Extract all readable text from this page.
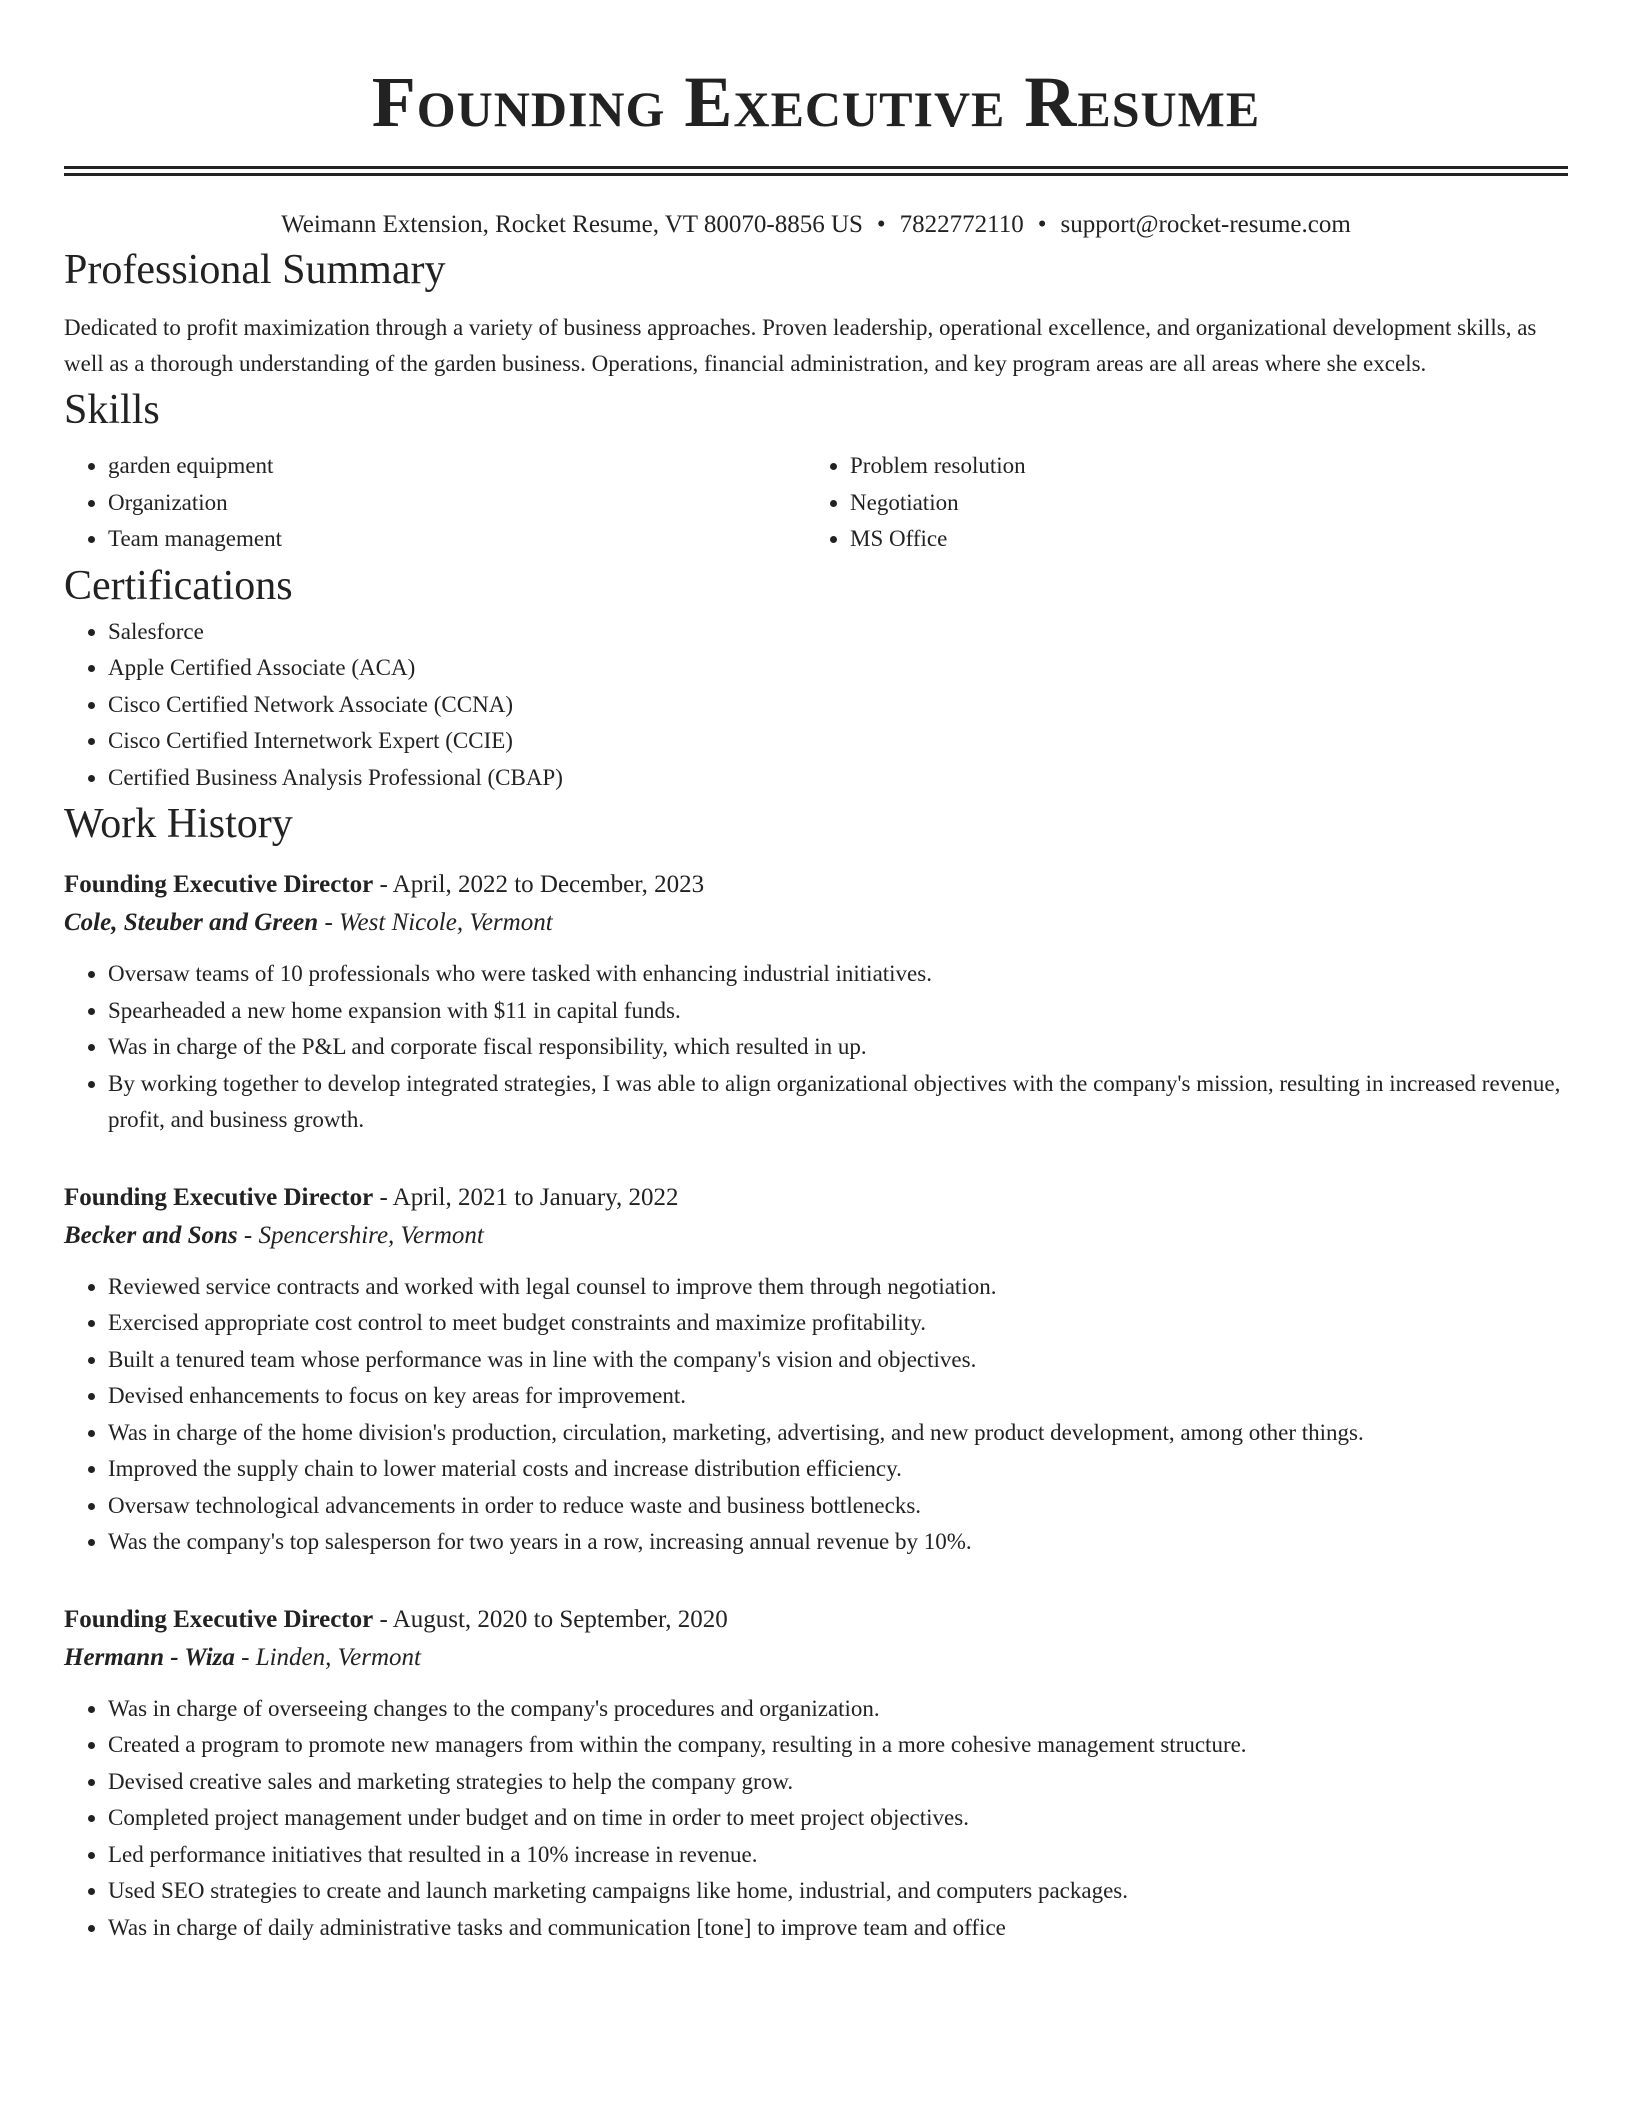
Founding Executive Resume
Weimann Extension, Rocket Resume, VT 80070-8856 US • 7822772110 • support@rocket-resume.com
Professional Summary

Dedicated to profit maximization through a variety of business approaches. Proven leadership, operational excellence, and organizational development skills, as well as a thorough understanding of the garden business. Operations, financial administration, and key program areas are all areas where she excels.

Skills
• garden equipment
• Organization
• Team management
• Problem resolution
• Negotiation
• MS Office
Certifications
• Salesforce
• Apple Certified Associate (ACA)
• Cisco Certified Network Associate (CCNA)
• Cisco Certified Internetwork Expert (CCIE)
• Certified Business Analysis Professional (CBAP)
Work History
Founding Executive Director - April, 2022 to December, 2023
Cole, Steuber and Green - West Nicole, Vermont
• Oversaw teams of 10 professionals who were tasked with enhancing industrial initiatives.
• Spearheaded a new home expansion with $11 in capital funds.
• Was in charge of the P&L and corporate fiscal responsibility, which resulted in up.
• By working together to develop integrated strategies, I was able to align organizational objectives with the company's mission, resulting in increased revenue, profit, and business growth.
Founding Executive Director - April, 2021 to January, 2022
Becker and Sons - Spencershire, Vermont
• Reviewed service contracts and worked with legal counsel to improve them through negotiation.
• Exercised appropriate cost control to meet budget constraints and maximize profitability.
• Built a tenured team whose performance was in line with the company's vision and objectives.
• Devised enhancements to focus on key areas for improvement.
• Was in charge of the home division's production, circulation, marketing, advertising, and new product development, among other things.
• Improved the supply chain to lower material costs and increase distribution efficiency.
• Oversaw technological advancements in order to reduce waste and business bottlenecks.
• Was the company's top salesperson for two years in a row, increasing annual revenue by 10%.
Founding Executive Director - August, 2020 to September, 2020
Hermann - Wiza - Linden, Vermont
• Was in charge of overseeing changes to the company's procedures and organization.
• Created a program to promote new managers from within the company, resulting in a more cohesive management structure.
• Devised creative sales and marketing strategies to help the company grow.
• Completed project management under budget and on time in order to meet project objectives.
• Led performance initiatives that resulted in a 10% increase in revenue.
• Used SEO strategies to create and launch marketing campaigns like home, industrial, and computers packages.
• Was in charge of daily administrative tasks and communication [tone] to improve team and office
